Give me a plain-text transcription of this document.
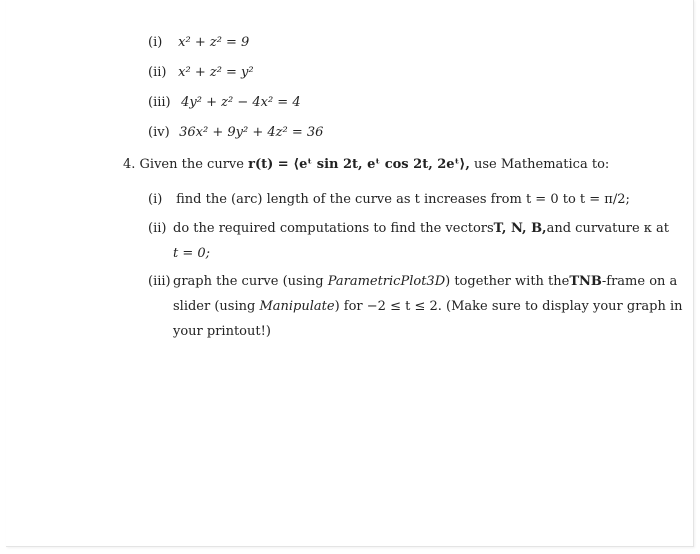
(i) x² + z² = 9
(ii) x² + z² = y²
(iii) 4y² + z² − 4x² = 4
(iv) 36x² + 9y² + 4z² = 36
4. Given the curve r(t) = ⟨eᵗ sin 2t, eᵗ cos 2t, 2eᵗ⟩, use Mathematica to:
(i) find the (arc) length of the curve as t increases from t = 0 to t = π/2;
(ii) do the required computations to find the vectors T, N, B, and curvature κ at
t = 0;
(iii) graph the curve (using ParametricPlot3D) together with the TNB-frame on a
slider (using Manipulate) for −2 ≤ t ≤ 2. (Make sure to display your graph in
your printout!)
